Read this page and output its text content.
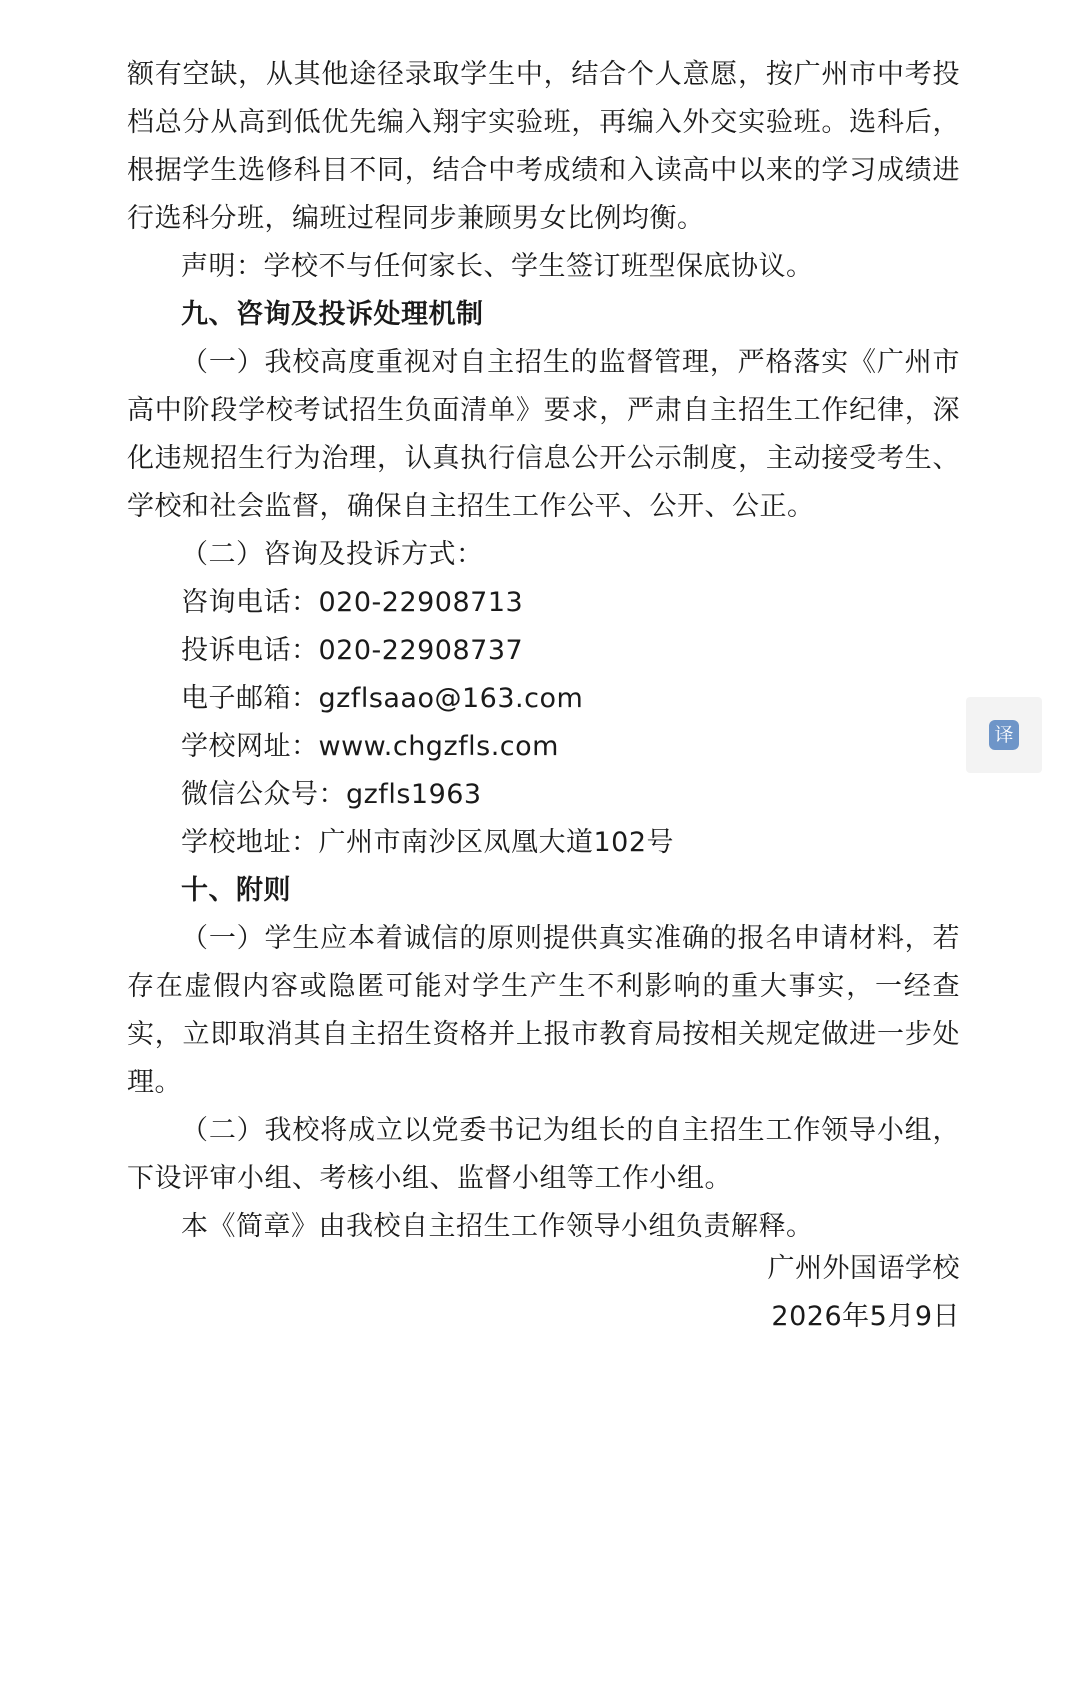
额有空缺，从其他途径录取学生中，结合个人意愿，按广州市中考投档总分从高到低优先编入翔宇实验班，再编入外交实验班。选科后，根据学生选修科目不同，结合中考成绩和入读高中以来的学习成绩进行选科分班，编班过程同步兼顾男女比例均衡。

声明：学校不与任何家长、学生签订班型保底协议。

九、咨询及投诉处理机制

（一）我校高度重视对自主招生的监督管理，严格落实《广州市高中阶段学校考试招生负面清单》要求，严肃自主招生工作纪律，深化违规招生行为治理，认真执行信息公开公示制度，主动接受考生、学校和社会监督，确保自主招生工作公平、公开、公正。

（二）咨询及投诉方式：

咨询电话：020-22908713

投诉电话：020-22908737

电子邮箱：gzflsaao@163.com

学校网址：www.chgzfls.com

微信公众号：gzfls1963

学校地址：广州市南沙区凤凰大道102号

十、附则

（一）学生应本着诚信的原则提供真实准确的报名申请材料，若存在虚假内容或隐匿可能对学生产生不利影响的重大事实，一经查实，立即取消其自主招生资格并上报市教育局按相关规定做进一步处理。

（二）我校将成立以党委书记为组长的自主招生工作领导小组，下设评审小组、考核小组、监督小组等工作小组。

本《简章》由我校自主招生工作领导小组负责解释。

广州外国语学校

2026年5月9日

译
